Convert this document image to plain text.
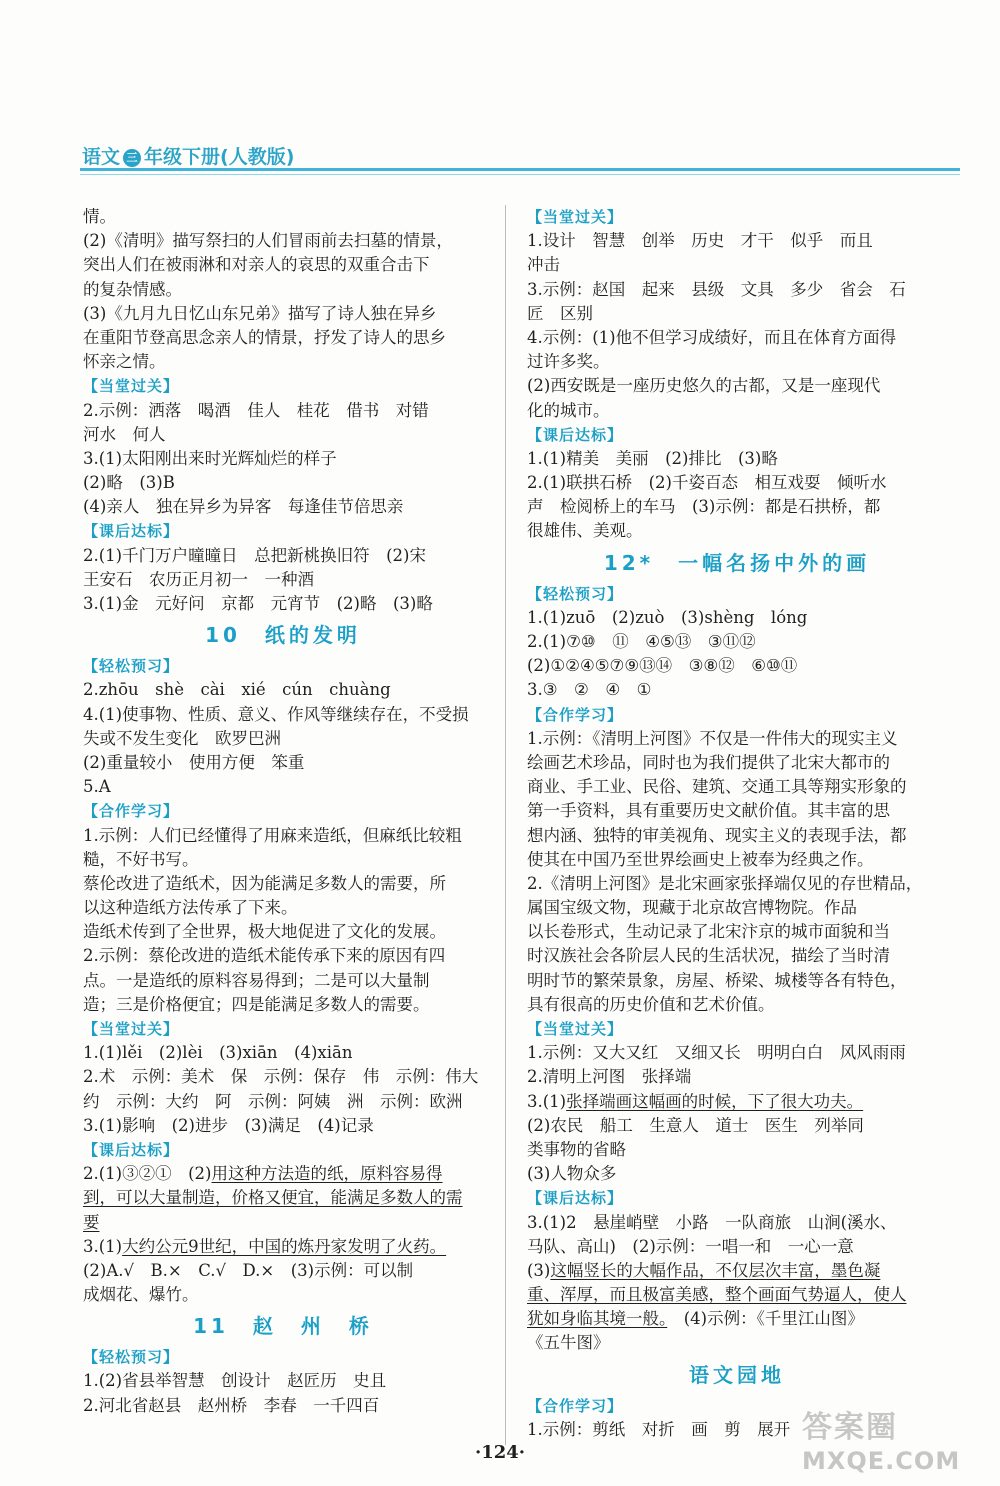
语文 三 年级下册(人教版)
情。
(2)《清明》描写祭扫的人们冒雨前去扫墓的情景，
突出人们在被雨淋和对亲人的哀思的双重合击下
的复杂情感。
(3)《九月九日忆山东兄弟》描写了诗人独在异乡
在重阳节登高思念亲人的情景，抒发了诗人的思乡
怀亲之情。
【当堂过关】
2.示例：洒落　喝酒　佳人　桂花　借书　对错
河水　何人
3.(1)太阳刚出来时光辉灿烂的样子
(2)略　(3)B
(4)亲人　独在异乡为异客　每逢佳节倍思亲
【课后达标】
2.(1)千门万户曈曈日　总把新桃换旧符　(2)宋
王安石　农历正月初一　一种酒
3.(1)金　元好问　京都　元宵节　(2)略　(3)略
10　纸的发明
【轻松预习】
2.zhōu　shè　cài　xié　cún　chuàng
4.(1)使事物、性质、意义、作风等继续存在，不受损
失或不发生变化　欧罗巴洲
(2)重量较小　使用方便　笨重
5.A
【合作学习】
1.示例：人们已经懂得了用麻来造纸，但麻纸比较粗
糙，不好书写。
蔡伦改进了造纸术，因为能满足多数人的需要，所
以这种造纸方法传承了下来。
造纸术传到了全世界，极大地促进了文化的发展。
2.示例：蔡伦改进的造纸术能传承下来的原因有四
点。一是造纸的原料容易得到；二是可以大量制
造；三是价格便宜；四是能满足多数人的需要。
【当堂过关】
1.(1)lěi　(2)lèi　(3)xiān　(4)xiān
2.术　示例：美术　保　示例：保存　伟　示例：伟大
约　示例：大约　阿　示例：阿姨　洲　示例：欧洲
3.(1)影响　(2)进步　(3)满足　(4)记录
【课后达标】
2.(1)③②①　(2)用这种方法造的纸，原料容易得
到，可以大量制造，价格又便宜，能满足多数人的需
要
3.(1)大约公元9世纪，中国的炼丹家发明了火药。
(2)A.√　B.×　C.√　D.×　(3)示例：可以制
成烟花、爆竹。
11　赵　州　桥
【轻松预习】
1.(2)省县举智慧　创设计　赵匠历　史且
2.河北省赵县　赵州桥　李春　一千四百
【当堂过关】
1.设计　智慧　创举　历史　才干　似乎　而且
冲击
3.示例：赵国　起来　县级　文具　多少　省会　石
匠　区别
4.示例：(1)他不但学习成绩好，而且在体育方面得
过许多奖。
(2)西安既是一座历史悠久的古都，又是一座现代
化的城市。
【课后达标】
1.(1)精美　美丽　(2)排比　(3)略
2.(1)联拱石桥　(2)千姿百态　相互戏耍　倾听水
声　检阅桥上的车马　(3)示例：都是石拱桥，都
很雄伟、美观。
12*　一幅名扬中外的画
【轻松预习】
1.(1)zuō　(2)zuò　(3)shèng　lóng
2.(1)⑦⑩　⑪　④⑤⑬　③⑪⑫
(2)①②④⑤⑦⑨⑬⑭　③⑧⑫　⑥⑩⑪
3.③　②　④　①
【合作学习】
1.示例：《清明上河图》不仅是一件伟大的现实主义
绘画艺术珍品，同时也为我们提供了北宋大都市的
商业、手工业、民俗、建筑、交通工具等翔实形象的
第一手资料，具有重要历史文献价值。其丰富的思
想内涵、独特的审美视角、现实主义的表现手法，都
使其在中国乃至世界绘画史上被奉为经典之作。
2.《清明上河图》是北宋画家张择端仅见的存世精品，
属国宝级文物，现藏于北京故宫博物院。作品
以长卷形式，生动记录了北宋汴京的城市面貌和当
时汉族社会各阶层人民的生活状况，描绘了当时清
明时节的繁荣景象，房屋、桥梁、城楼等各有特色，
具有很高的历史价值和艺术价值。
【当堂过关】
1.示例：又大又红　又细又长　明明白白　风风雨雨
2.清明上河图　张择端
3.(1)张择端画这幅画的时候，下了很大功夫。
(2)农民　船工　生意人　道士　医生　列举同
类事物的省略
(3)人物众多
【课后达标】
3.(1)2　悬崖峭壁　小路　一队商旅　山涧(溪水、
马队、高山)　(2)示例：一唱一和　一心一意
(3)这幅竖长的大幅作品，不仅层次丰富，墨色凝
重、浑厚，而且极富美感，整个画面气势逼人，使人
犹如身临其境一般。　(4)示例：《千里江山图》
《五牛图》
语文园地
【合作学习】
1.示例：剪纸　对折　画　剪　展开
·124·
答案圈
MXQE.COM
